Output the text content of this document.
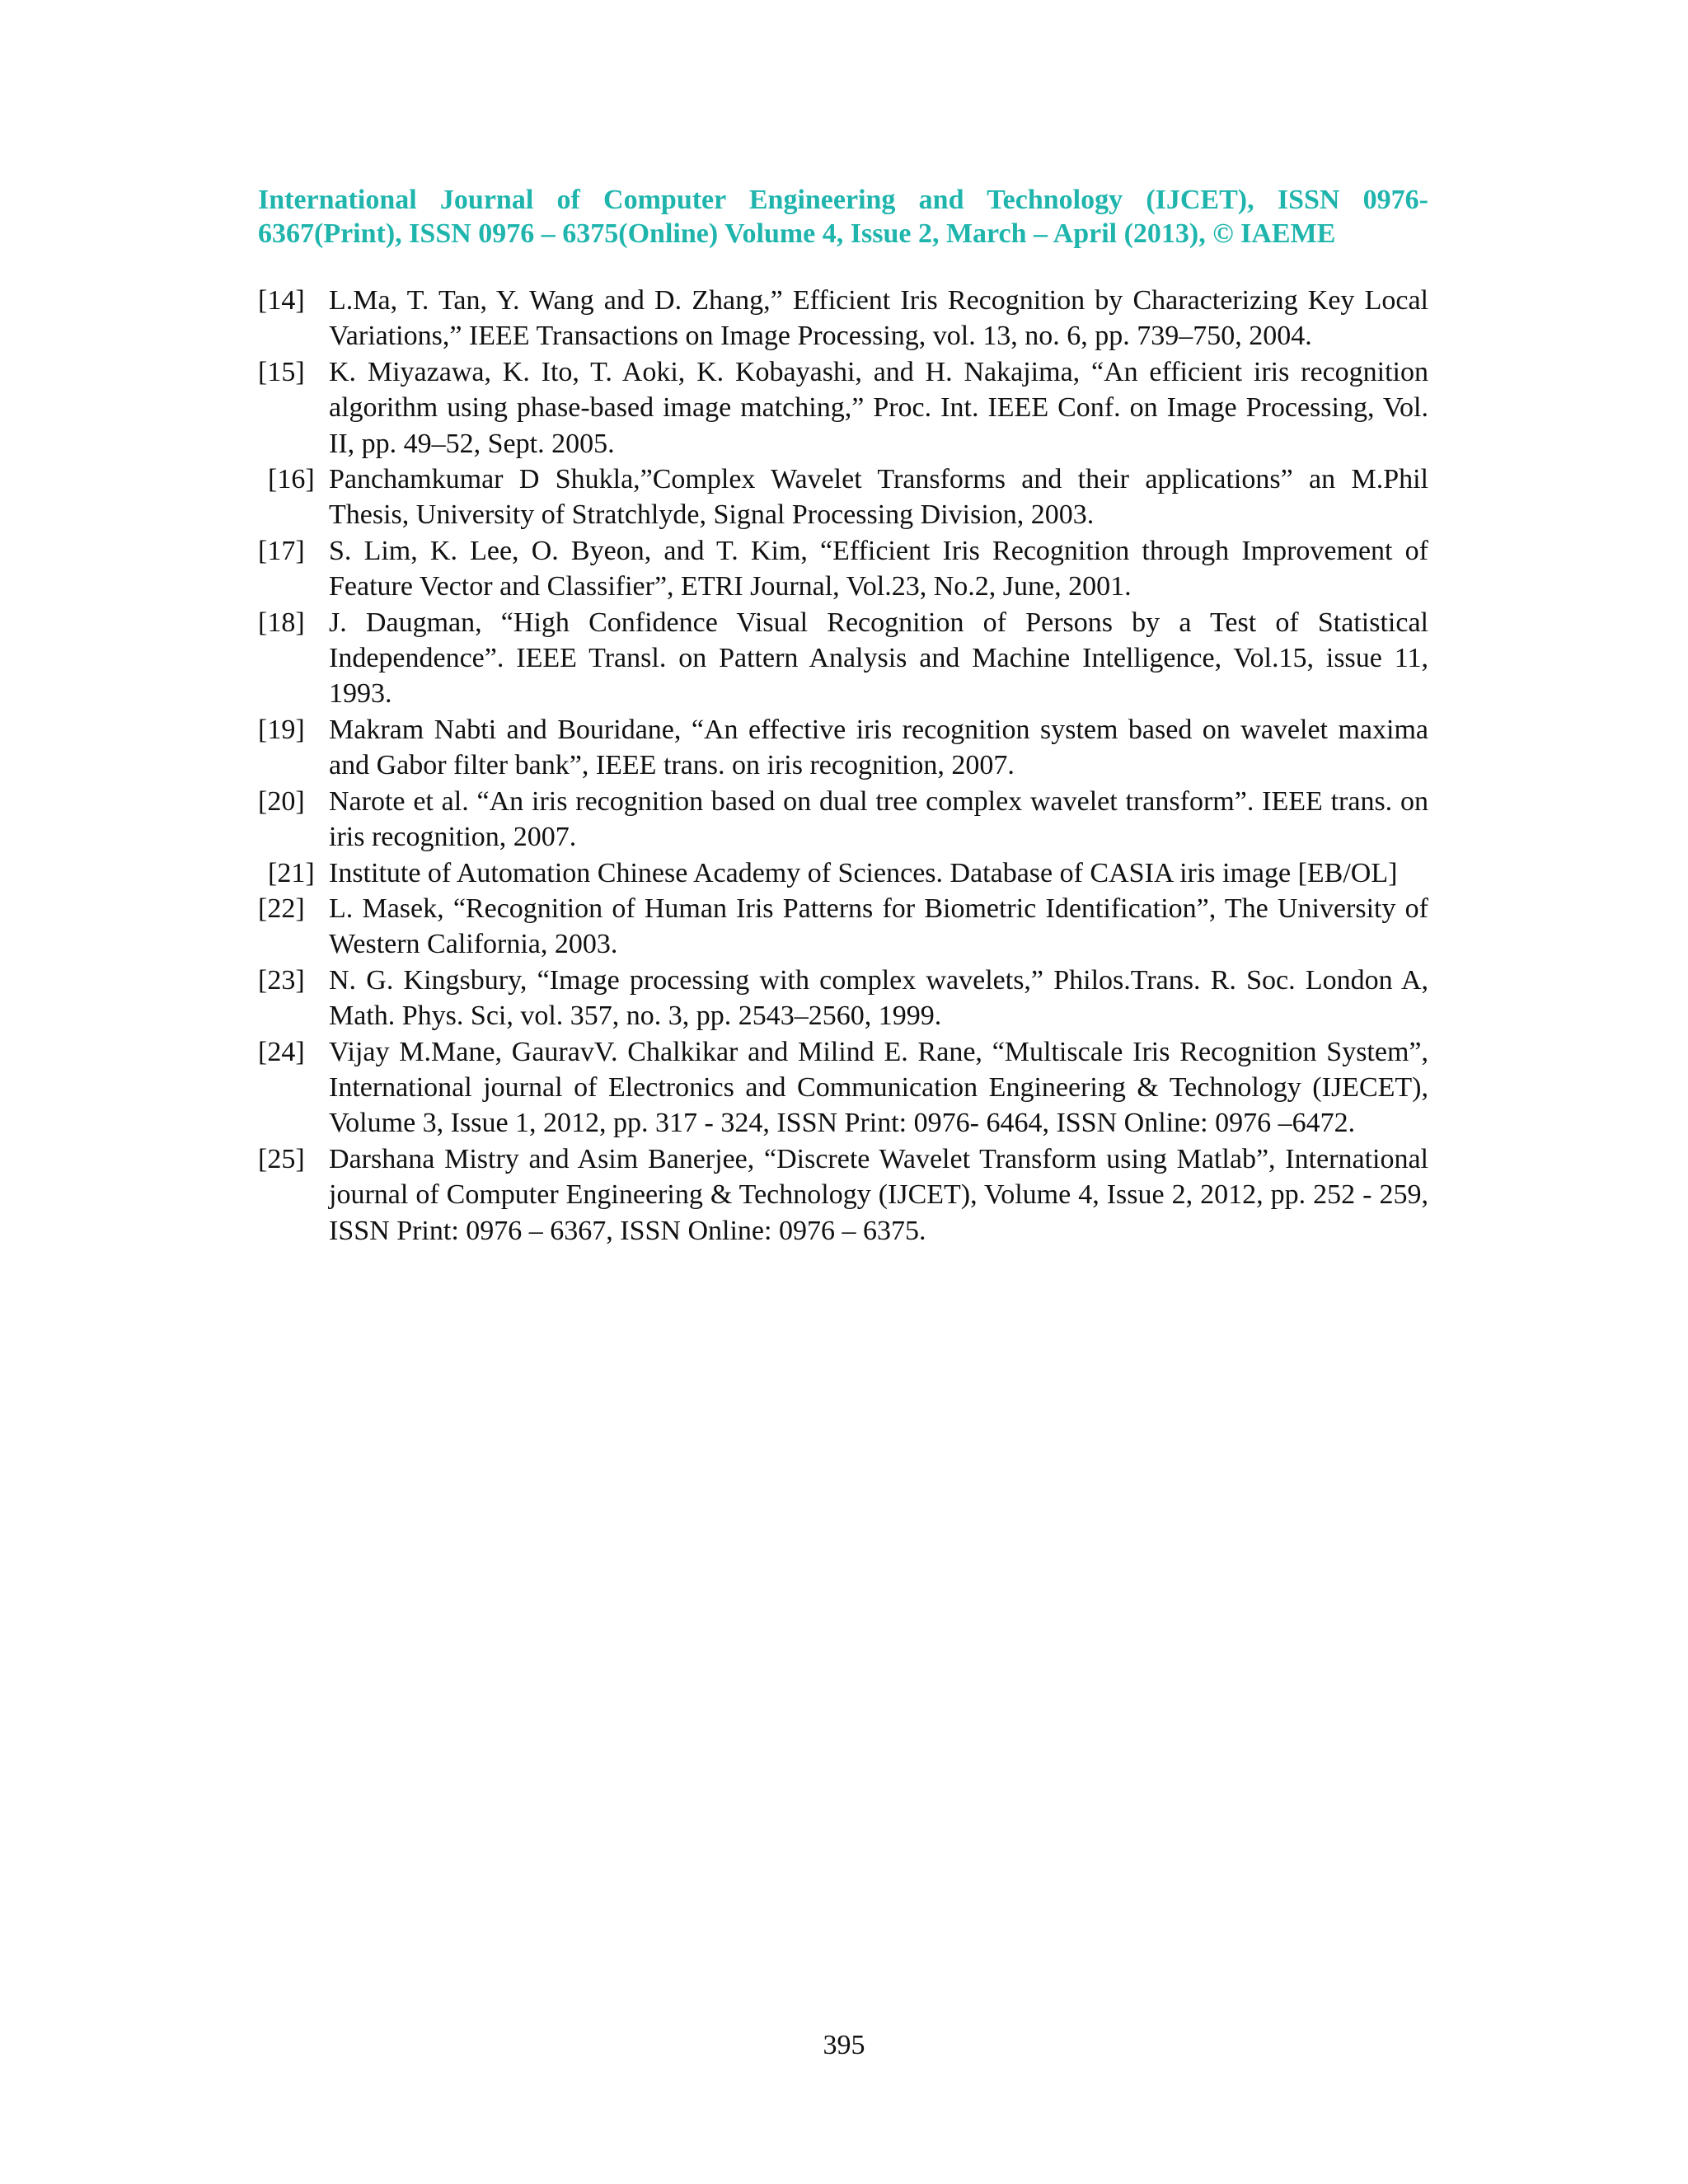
International Journal of Computer Engineering and Technology (IJCET), ISSN 0976- 6367(Print), ISSN 0976 – 6375(Online) Volume 4, Issue 2, March – April (2013), © IAEME
[14] L.Ma, T. Tan, Y. Wang and D. Zhang,” Efficient Iris Recognition by Characterizing Key Local Variations,” IEEE Transactions on Image Processing, vol. 13, no. 6, pp. 739–750, 2004.
[15] K. Miyazawa, K. Ito, T. Aoki, K. Kobayashi, and H. Nakajima, “An efficient iris recognition algorithm using phase-based image matching,” Proc. Int. IEEE Conf. on Image Processing, Vol. II, pp. 49–52, Sept. 2005.
[16] Panchamkumar D Shukla,”Complex Wavelet Transforms and their applications” an M.Phil Thesis, University of Stratchlyde, Signal Processing Division, 2003.
[17] S. Lim, K. Lee, O. Byeon, and T. Kim, “Efficient Iris Recognition through Improvement of Feature Vector and Classifier”, ETRI Journal, Vol.23, No.2, June, 2001.
[18] J. Daugman, “High Confidence Visual Recognition of Persons by a Test of Statistical Independence”. IEEE Transl. on Pattern Analysis and Machine Intelligence, Vol.15, issue 11, 1993.
[19] Makram Nabti and Bouridane, “An effective iris recognition system based on wavelet maxima and Gabor filter bank”, IEEE trans. on iris recognition, 2007.
[20] Narote et al. “An iris recognition based on dual tree complex wavelet transform”. IEEE trans. on iris recognition, 2007.
[21] Institute of Automation Chinese Academy of Sciences. Database of CASIA iris image [EB/OL]
[22] L. Masek, “Recognition of Human Iris Patterns for Biometric Identification”, The University of Western California, 2003.
[23] N. G. Kingsbury, “Image processing with complex wavelets,” Philos.Trans. R. Soc. London A, Math. Phys. Sci, vol. 357, no. 3, pp. 2543–2560, 1999.
[24] Vijay M.Mane, GauravV. Chalkikar and Milind E. Rane, “Multiscale Iris Recognition System”, International journal of Electronics and Communication Engineering & Technology (IJECET), Volume 3, Issue 1, 2012, pp. 317 - 324, ISSN Print: 0976- 6464, ISSN Online: 0976 –6472.
[25] Darshana Mistry and Asim Banerjee, “Discrete Wavelet Transform using Matlab”, International journal of Computer Engineering & Technology (IJCET), Volume 4, Issue 2, 2012, pp. 252 - 259, ISSN Print: 0976 – 6367, ISSN Online: 0976 – 6375.
395
